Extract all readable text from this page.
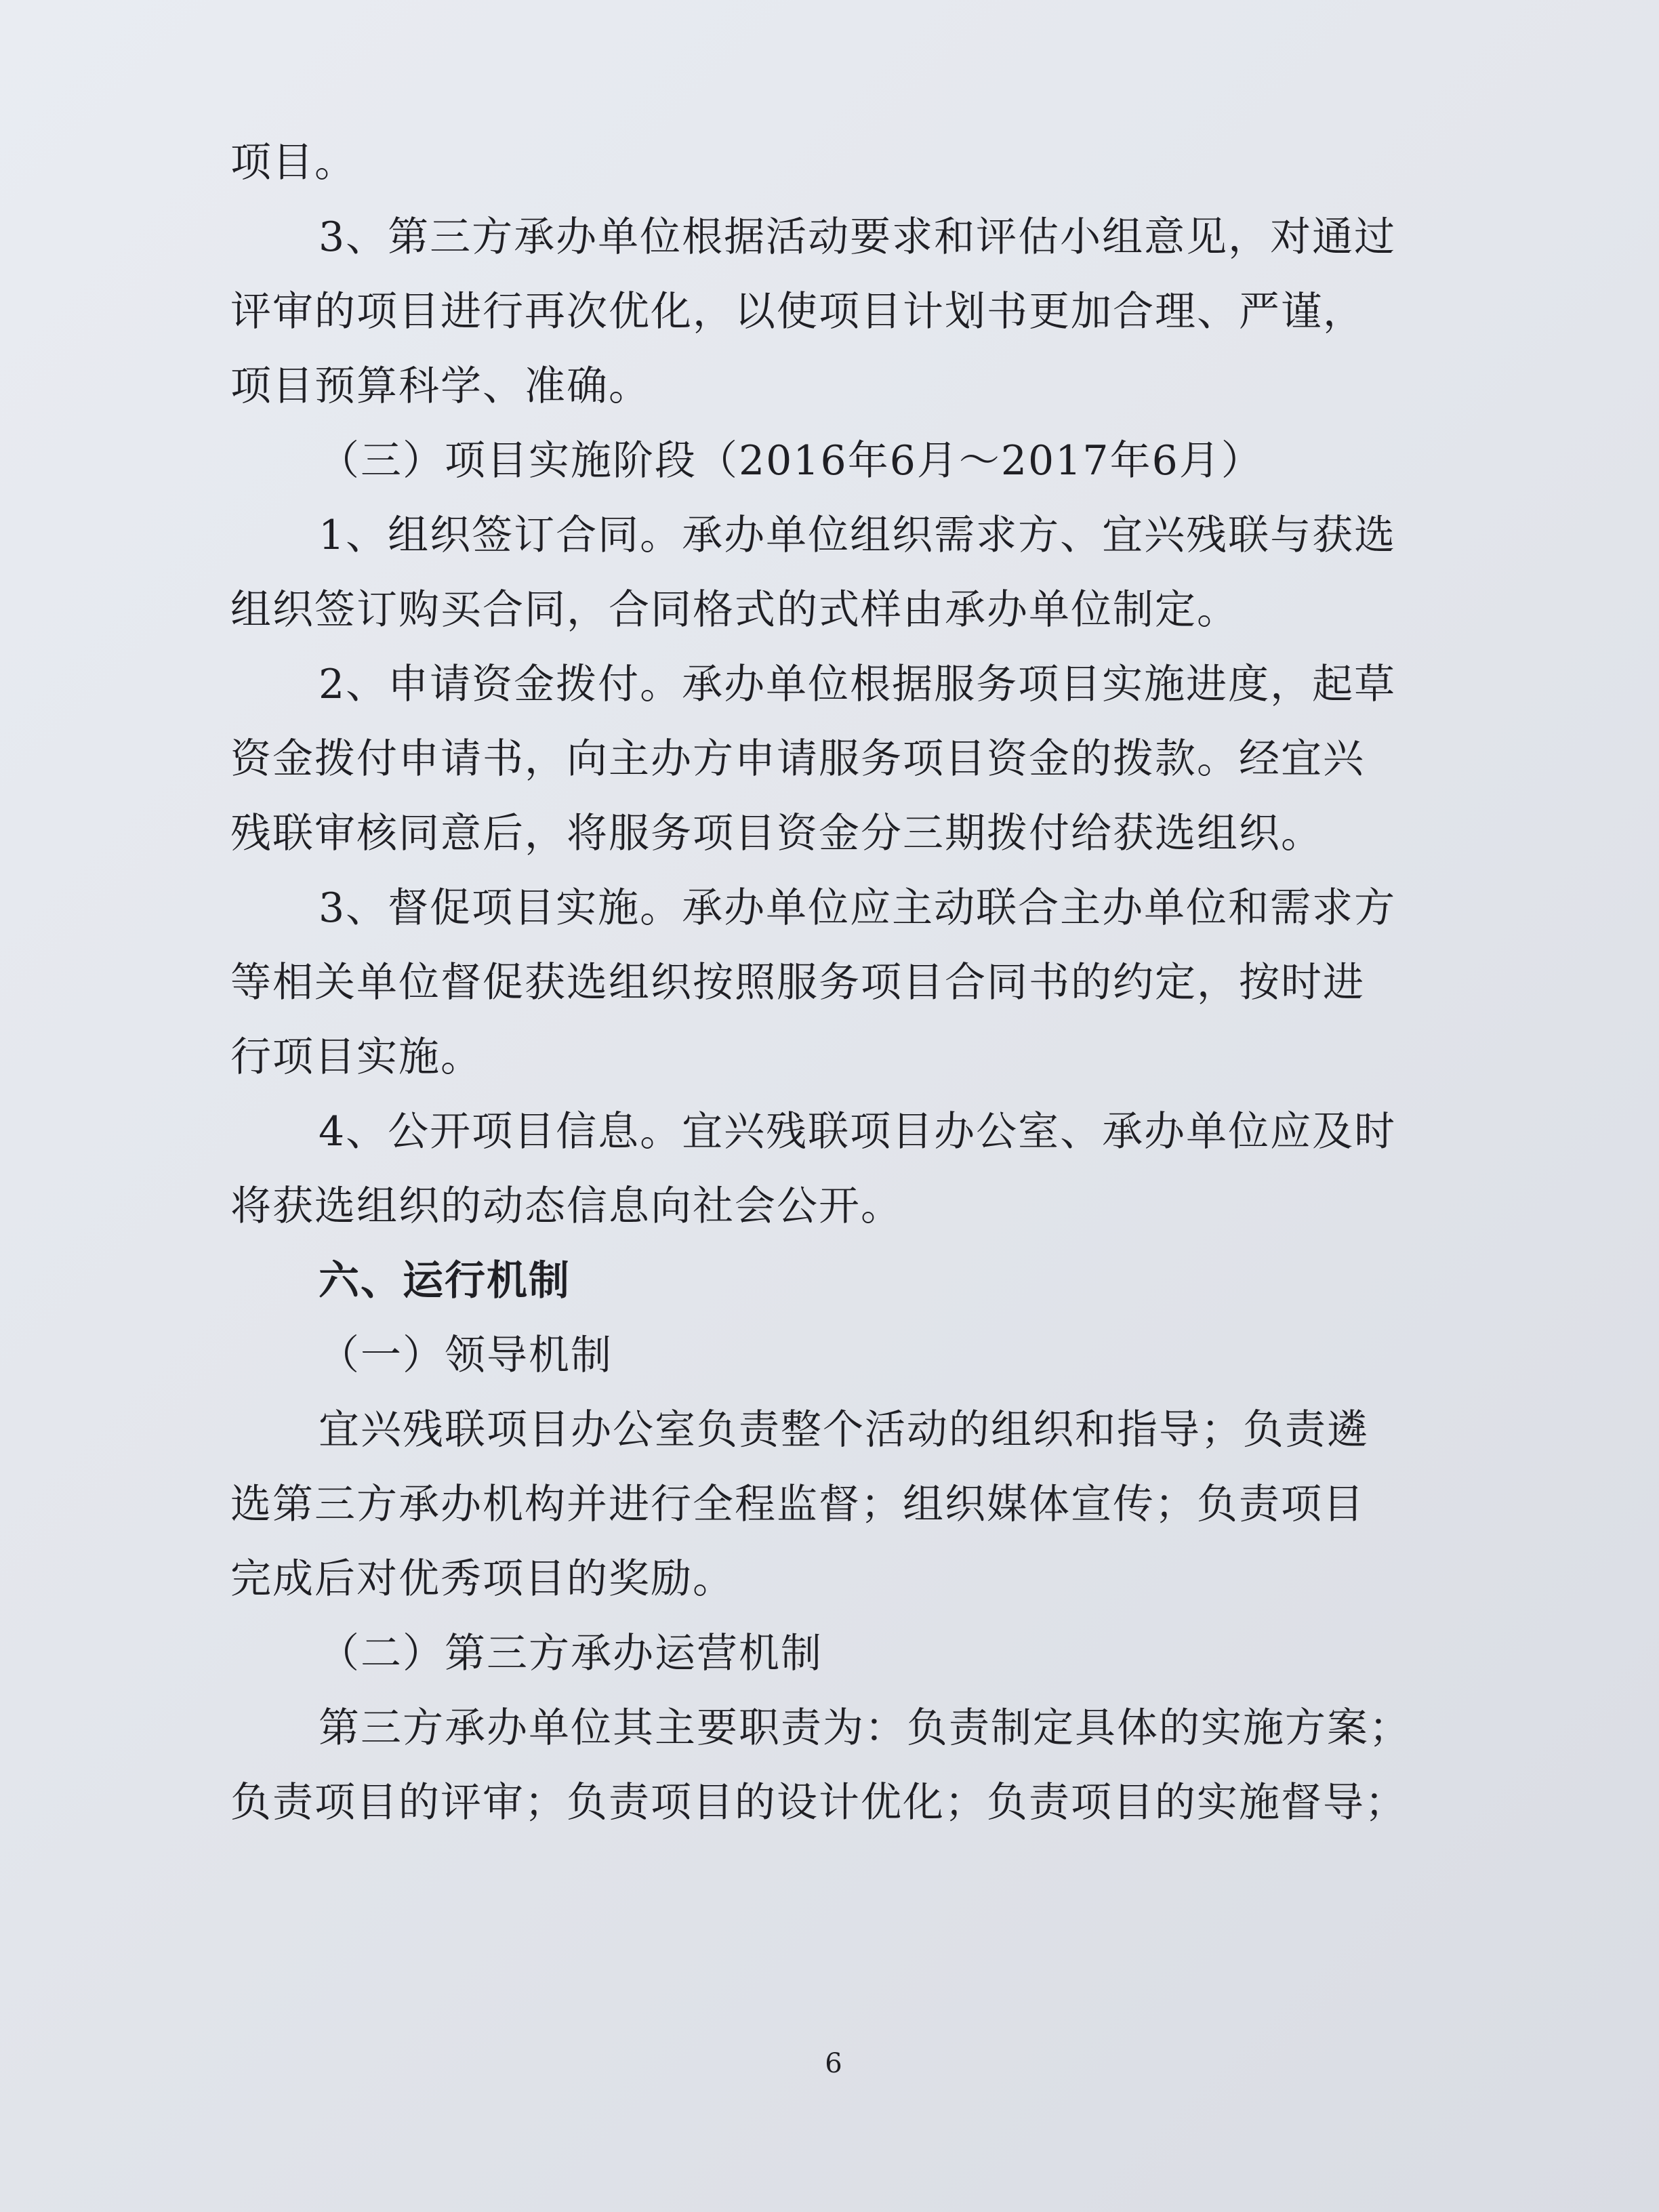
项目。
3、第三方承办单位根据活动要求和评估小组意见，对通过
评审的项目进行再次优化，以使项目计划书更加合理、严谨，
项目预算科学、准确。
（三）项目实施阶段（2016年6月～2017年6月）
1、组织签订合同。承办单位组织需求方、宜兴残联与获选
组织签订购买合同，合同格式的式样由承办单位制定。
2、申请资金拨付。承办单位根据服务项目实施进度，起草
资金拨付申请书，向主办方申请服务项目资金的拨款。经宜兴
残联审核同意后，将服务项目资金分三期拨付给获选组织。
3、督促项目实施。承办单位应主动联合主办单位和需求方
等相关单位督促获选组织按照服务项目合同书的约定，按时进
行项目实施。
4、公开项目信息。宜兴残联项目办公室、承办单位应及时
将获选组织的动态信息向社会公开。
六、运行机制
（一）领导机制
宜兴残联项目办公室负责整个活动的组织和指导；负责遴
选第三方承办机构并进行全程监督；组织媒体宣传；负责项目
完成后对优秀项目的奖励。
（二）第三方承办运营机制
第三方承办单位其主要职责为：负责制定具体的实施方案；
负责项目的评审；负责项目的设计优化；负责项目的实施督导；
6
